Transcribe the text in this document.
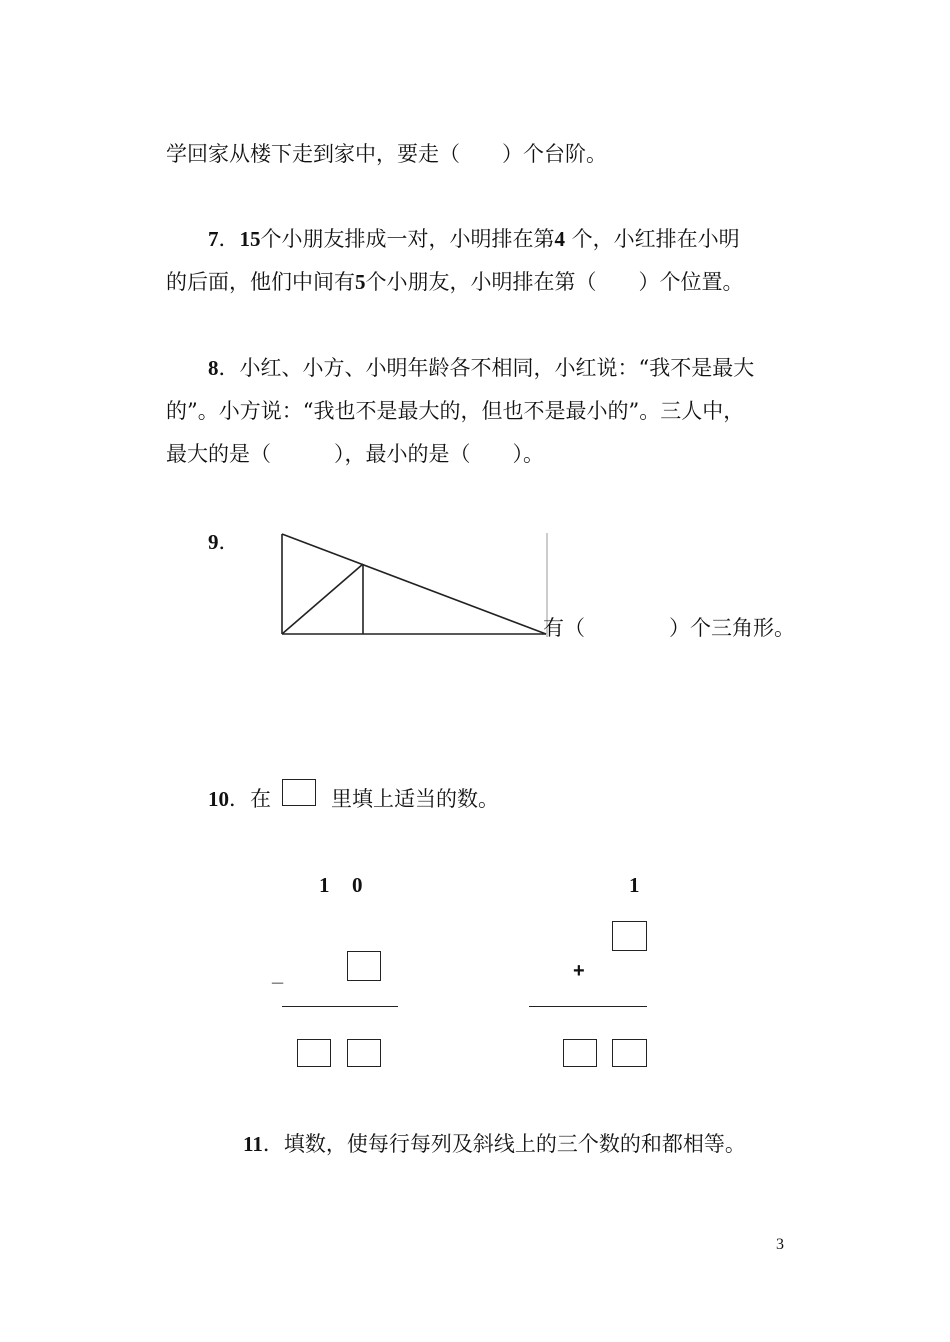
学回家从楼下走到家中，要走（　　）个台阶。
7．15个小朋友排成一对，小明排在第4 个，小红排在小明
的后面，他们中间有5个小朋友，小明排在第（　　）个位置。
8．小红、小方、小明年龄各不相同，小红说：“我不是最大
的”。小方说：“我也不是最大的，但也不是最小的”。三人中，
最大的是（　　　），最小的是（　　）。
9．
有（　　　　）个三角形。
10．在	里填上适当的数。
1 0
_
1
+
11．填数，使每行每列及斜线上的三个数的和都相等。
3
